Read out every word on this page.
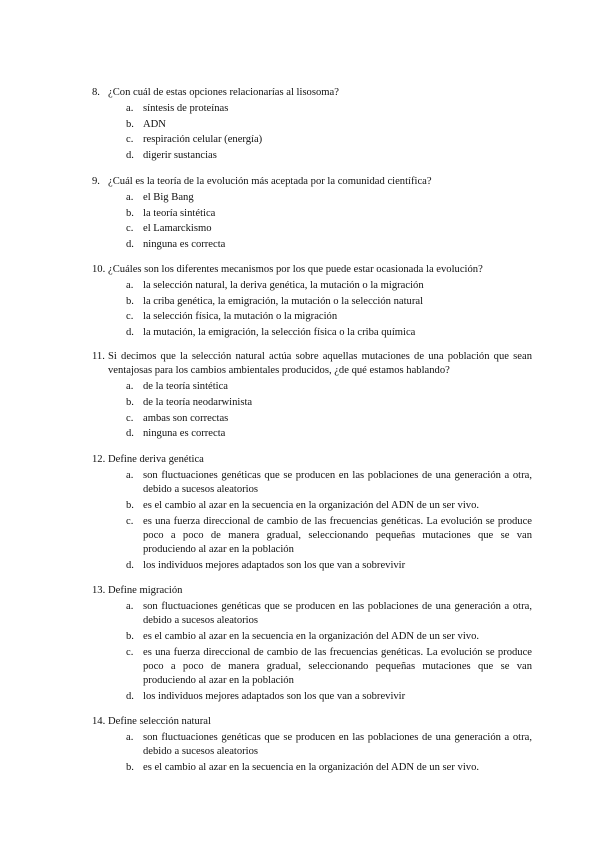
8. ¿Con cuál de estas opciones relacionarías al lisosoma?
a. síntesis de proteínas
b. ADN
c. respiración celular (energía)
d. digerir sustancias
9. ¿Cuál es la teoría de la evolución más aceptada por la comunidad científica?
a. el Big Bang
b. la teoría sintética
c. el Lamarckismo
d. ninguna es correcta
10. ¿Cuáles son los diferentes mecanismos por los que puede estar ocasionada la evolución?
a. la selección natural, la deriva genética, la mutación o la migración
b. la criba genética, la emigración, la mutación o la selección natural
c. la selección física, la mutación o la migración
d. la mutación, la emigración, la selección física o la criba química
11. Si decimos que la selección natural actúa sobre aquellas mutaciones de una población que sean ventajosas para los cambios ambientales producidos, ¿de qué estamos hablando?
a. de la teoría sintética
b. de la teoría neodarwinista
c. ambas son correctas
d. ninguna es correcta
12. Define deriva genética
a. son fluctuaciones genéticas que se producen en las poblaciones de una generación a otra, debido a sucesos aleatorios
b. es el cambio al azar en la secuencia en la organización del ADN de un ser vivo.
c. es una fuerza direccional de cambio de las frecuencias genéticas. La evolución se produce poco a poco de manera gradual, seleccionando pequeñas mutaciones que se van produciendo al azar en la población
d. los individuos mejores adaptados son los que van a sobrevivir
13. Define migración
a. son fluctuaciones genéticas que se producen en las poblaciones de una generación a otra, debido a sucesos aleatorios
b. es el cambio al azar en la secuencia en la organización del ADN de un ser vivo.
c. es una fuerza direccional de cambio de las frecuencias genéticas. La evolución se produce poco a poco de manera gradual, seleccionando pequeñas mutaciones que se van produciendo al azar en la población
d. los individuos mejores adaptados son los que van a sobrevivir
14. Define selección natural
a. son fluctuaciones genéticas que se producen en las poblaciones de una generación a otra, debido a sucesos aleatorios
b. es el cambio al azar en la secuencia en la organización del ADN de un ser vivo.
